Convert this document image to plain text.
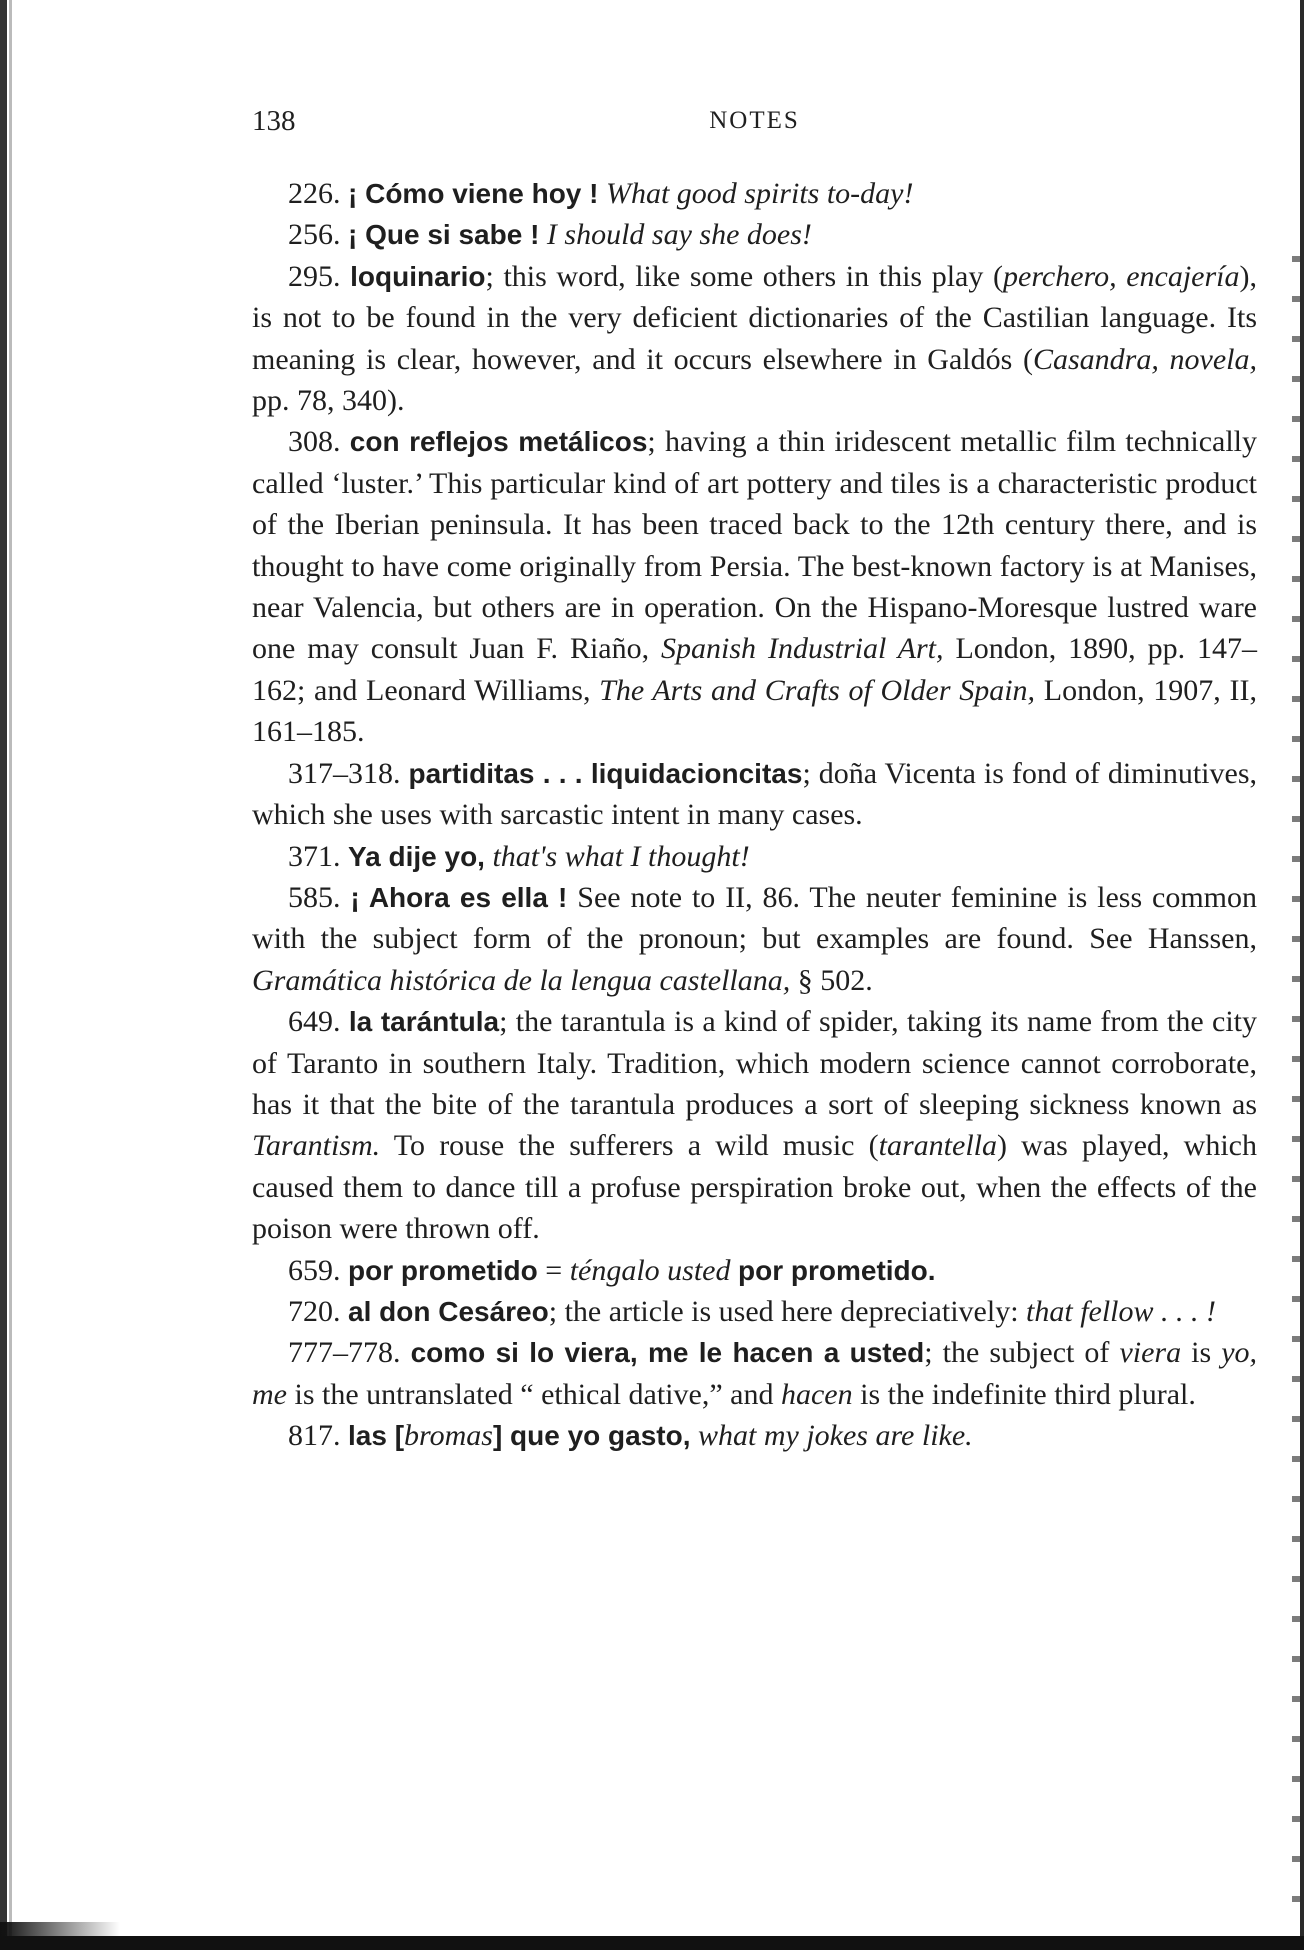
138	NOTES

226. ¡ Cómo viene hoy ! What good spirits to-day!

256. ¡ Que si sabe ! I should say she does!

295. loquinario; this word, like some others in this play (perchero, encajería), is not to be found in the very deficient dictionaries of the Castilian language. Its meaning is clear, however, and it occurs elsewhere in Galdós (Casandra, novela, pp. 78, 340).

308. con reflejos metálicos; having a thin iridescent metallic film technically called ‘luster.’ This particular kind of art pottery and tiles is a characteristic product of the Iberian peninsula. It has been traced back to the 12th century there, and is thought to have come originally from Persia. The best-known factory is at Manises, near Valencia, but others are in operation. On the Hispano-Moresque lustred ware one may consult Juan F. Riaño, Spanish Industrial Art, London, 1890, pp. 147–162; and Leonard Williams, The Arts and Crafts of Older Spain, London, 1907, II, 161–185.

317–318. partiditas . . . liquidacioncitas; doña Vicenta is fond of diminutives, which she uses with sarcastic intent in many cases.

371. Ya dije yo, that's what I thought!

585. ¡ Ahora es ella ! See note to II, 86. The neuter feminine is less common with the subject form of the pronoun; but examples are found. See Hanssen, Gramática histórica de la lengua castellana, § 502.

649. la tarántula; the tarantula is a kind of spider, taking its name from the city of Taranto in southern Italy. Tradition, which modern science cannot corroborate, has it that the bite of the tarantula produces a sort of sleeping sickness known as Tarantism. To rouse the sufferers a wild music (tarantella) was played, which caused them to dance till a profuse perspiration broke out, when the effects of the poison were thrown off.

659. por prometido = téngalo usted por prometido.

720. al don Cesáreo; the article is used here depreciatively: that fellow . . . !

777–778. como si lo viera, me le hacen a usted; the subject of viera is yo, me is the untranslated “ ethical dative,” and hacen is the indefinite third plural.

817. las [bromas] que yo gasto, what my jokes are like.
